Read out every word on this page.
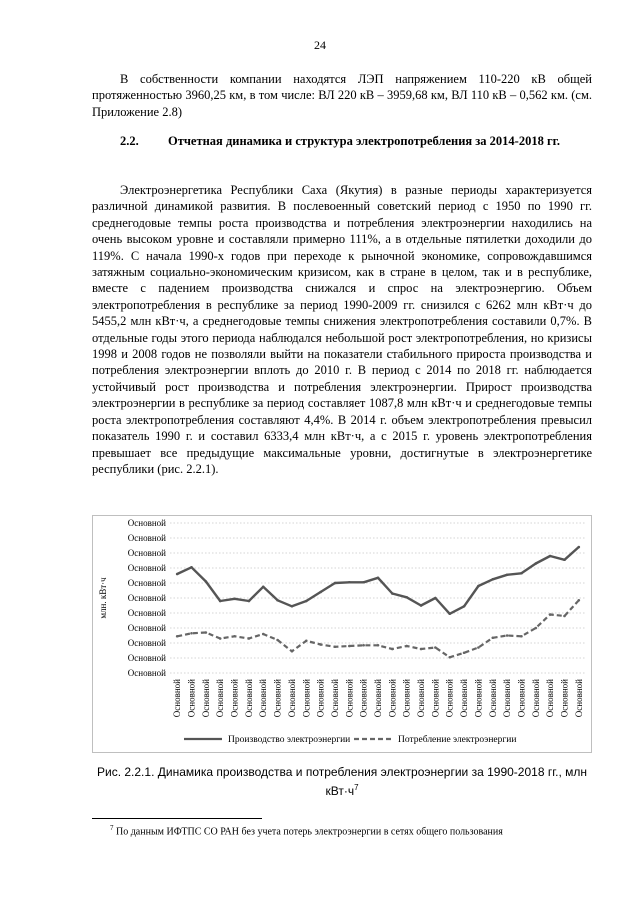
24

В собственности компании находятся ЛЭП напряжением 110-220 кВ общей протяженностью 3960,25 км, в том числе: ВЛ 220 кВ – 3959,68 км, ВЛ 110 кВ – 0,562 км. (см. Приложение 2.8)

2.2. Отчетная динамика и структура электропотребления за 2014-2018 гг.

Электроэнергетика Республики Саха (Якутия) в разные периоды характеризуется различной динамикой развития. В послевоенный советский период с 1950 по 1990 гг. среднегодовые темпы роста производства и потребления электроэнергии находились на очень высоком уровне и составляли примерно 111%, а в отдельные пятилетки доходили до 119%. С начала 1990-х годов при переходе к рыночной экономике, сопровождавшимся затяжным социально-экономическим кризисом, как в стране в целом, так и в республике, вместе с падением производства снижался и спрос на электроэнергию. Объем электропотребления в республике за период 1990-2009 гг. снизился с 6262 млн кВт·ч до 5455,2 млн кВт·ч, а среднегодовые темпы снижения электропотребления составили 0,7%. В отдельные годы этого периода наблюдался небольшой рост электропотребления, но кризисы 1998 и 2008 годов не позволяли выйти на показатели стабильного прироста производства и потребления электроэнергии вплоть до 2010 г. В период с 2014 по 2018 гг. наблюдается устойчивый рост производства и потребления электроэнергии. Прирост производства электроэнергии в республике за период составляет 1087,8 млн кВт·ч и среднегодовые темпы роста электропотребления составляют 4,4%. В 2014 г. объем электропотребления превысил показатель 1990 г. и составил 6333,4 млн кВт·ч, а с 2015 г. уровень электропотребления превышает все предыдущие максимальные уровни, достигнутые в электроэнергетике республики (рис. 2.2.1).

Основной
Основной
Основной
Основной
Основной
Основной
Основной
Основной
Основной
Основной
Основной
Основной Основной Основной Основной Основной Основной Основной Основной Основной Основной Основной Основной Основной Основной Основной Основной Основной Основной Основной Основной Основной Основной Основной Основной Основной Основной Основной Основной Основной
Производство электроэнергии	Потребление электроэнергии
млн. кВт·ч
Рис. 2.2.1. Динамика производства и потребления электроэнергии за 1990-2018 гг., млн $кВт\cdot ч^7$
$^7$ По данным ИФТПС СО РАН без учета потерь электроэнергии в сетях общего пользования
